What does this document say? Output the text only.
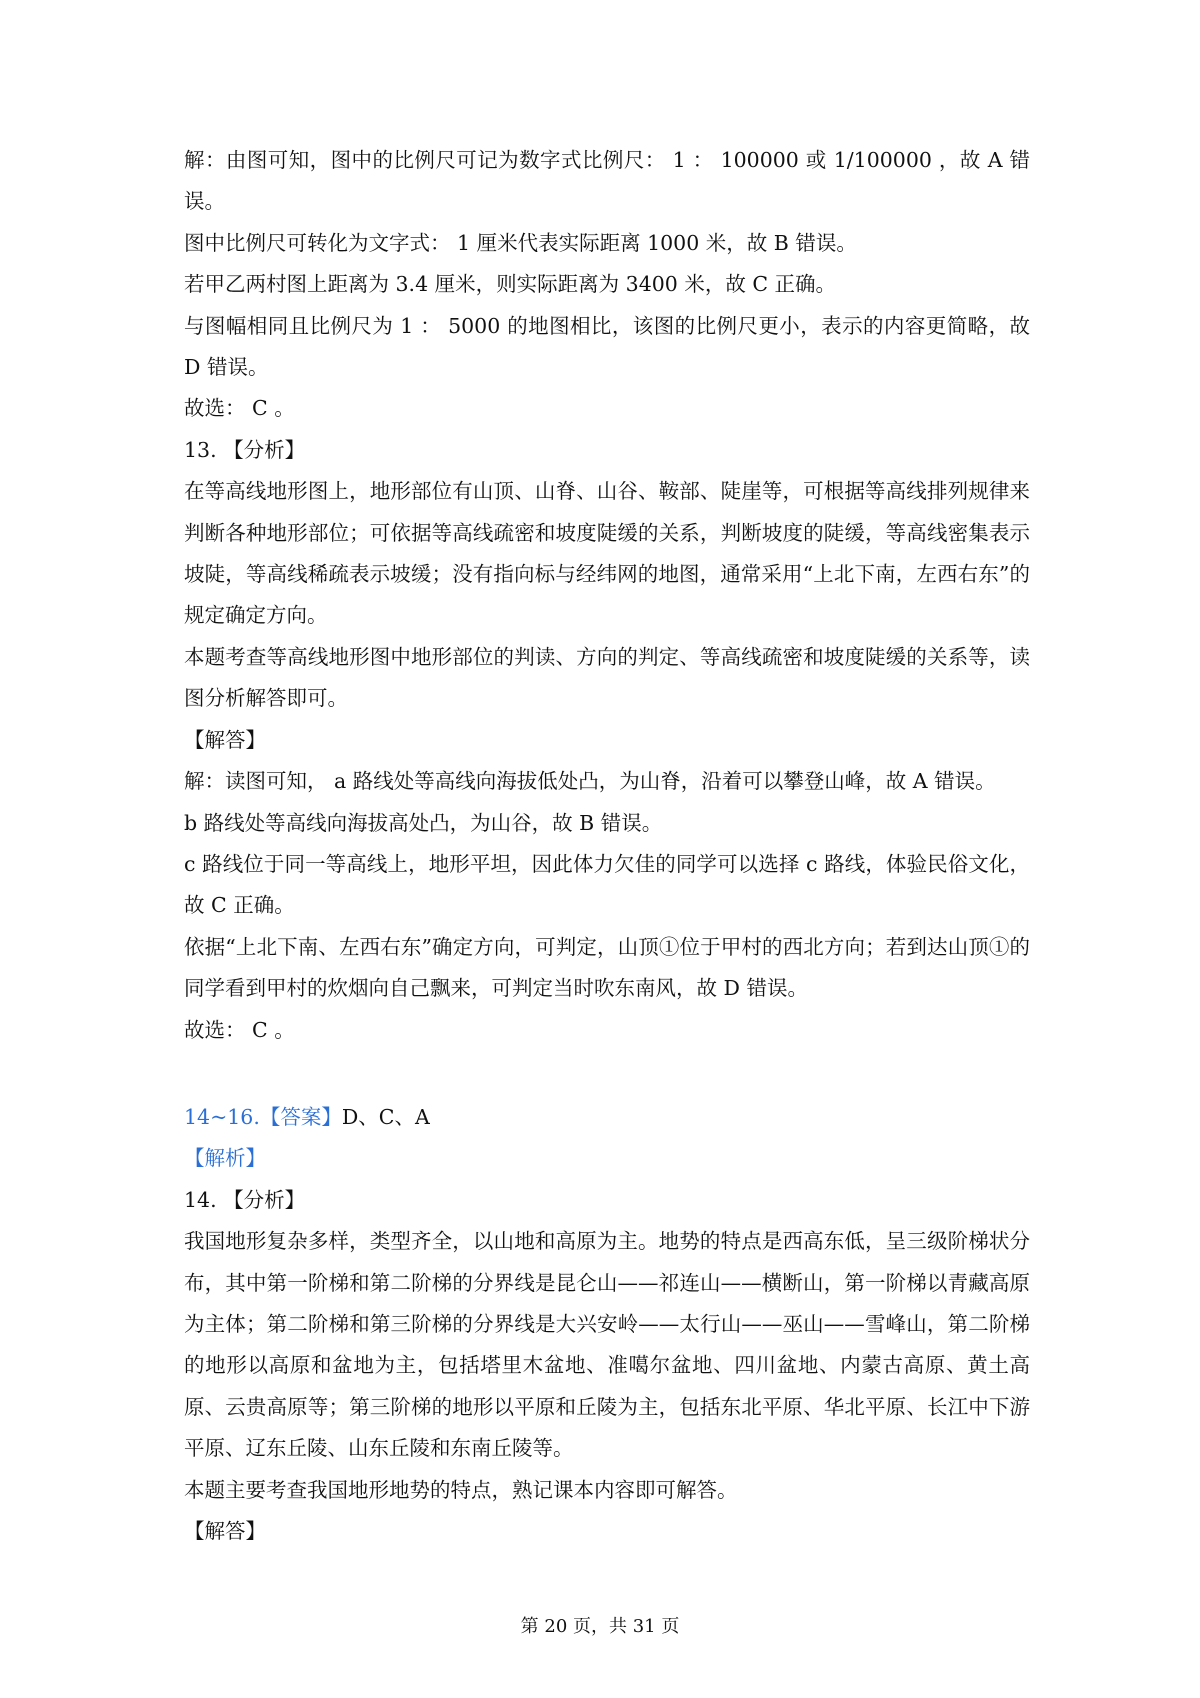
解：由图可知，图中的比例尺可记为数字式比例尺： 1 ： 100000 或 1/100000 ，故 A 错误。

图中比例尺可转化为文字式： 1 厘米代表实际距离 1000 米，故 B 错误。

若甲乙两村图上距离为 3.4 厘米，则实际距离为 3400 米，故 C 正确。

与图幅相同且比例尺为 1 ： 5000 的地图相比，该图的比例尺更小，表示的内容更简略，故 D 错误。

故选： C 。

13. 【分析】

在等高线地形图上，地形部位有山顶、山脊、山谷、鞍部、陡崖等，可根据等高线排列规律来判断各种地形部位；可依据等高线疏密和坡度陡缓的关系，判断坡度的陡缓，等高线密集表示坡陡，等高线稀疏表示坡缓；没有指向标与经纬网的地图，通常采用“上北下南，左西右东”的规定确定方向。

本题考查等高线地形图中地形部位的判读、方向的判定、等高线疏密和坡度陡缓的关系等，读图分析解答即可。

【解答】

解：读图可知， a 路线处等高线向海拔低处凸，为山脊，沿着可以攀登山峰，故 A 错误。

b 路线处等高线向海拔高处凸，为山谷，故 B 错误。

c 路线位于同一等高线上，地形平坦，因此体力欠佳的同学可以选择 c 路线，体验民俗文化，故 C 正确。

依据“上北下南、左西右东”确定方向，可判定，山顶①位于甲村的西北方向；若到达山顶①的同学看到甲村的炊烟向自己飘来，可判定当时吹东南风，故 D 错误。

故选： C 。

14~16.【答案】D、C、A

【解析】

14. 【分析】

我国地形复杂多样，类型齐全，以山地和高原为主。地势的特点是西高东低，呈三级阶梯状分布，其中第一阶梯和第二阶梯的分界线是昆仑山——祁连山——横断山，第一阶梯以青藏高原为主体；第二阶梯和第三阶梯的分界线是大兴安岭——太行山——巫山——雪峰山，第二阶梯的地形以高原和盆地为主，包括塔里木盆地、准噶尔盆地、四川盆地、内蒙古高原、黄土高原、云贵高原等；第三阶梯的地形以平原和丘陵为主，包括东北平原、华北平原、长江中下游平原、辽东丘陵、山东丘陵和东南丘陵等。

本题主要考查我国地形地势的特点，熟记课本内容即可解答。

【解答】

第 20 页，共 31 页
